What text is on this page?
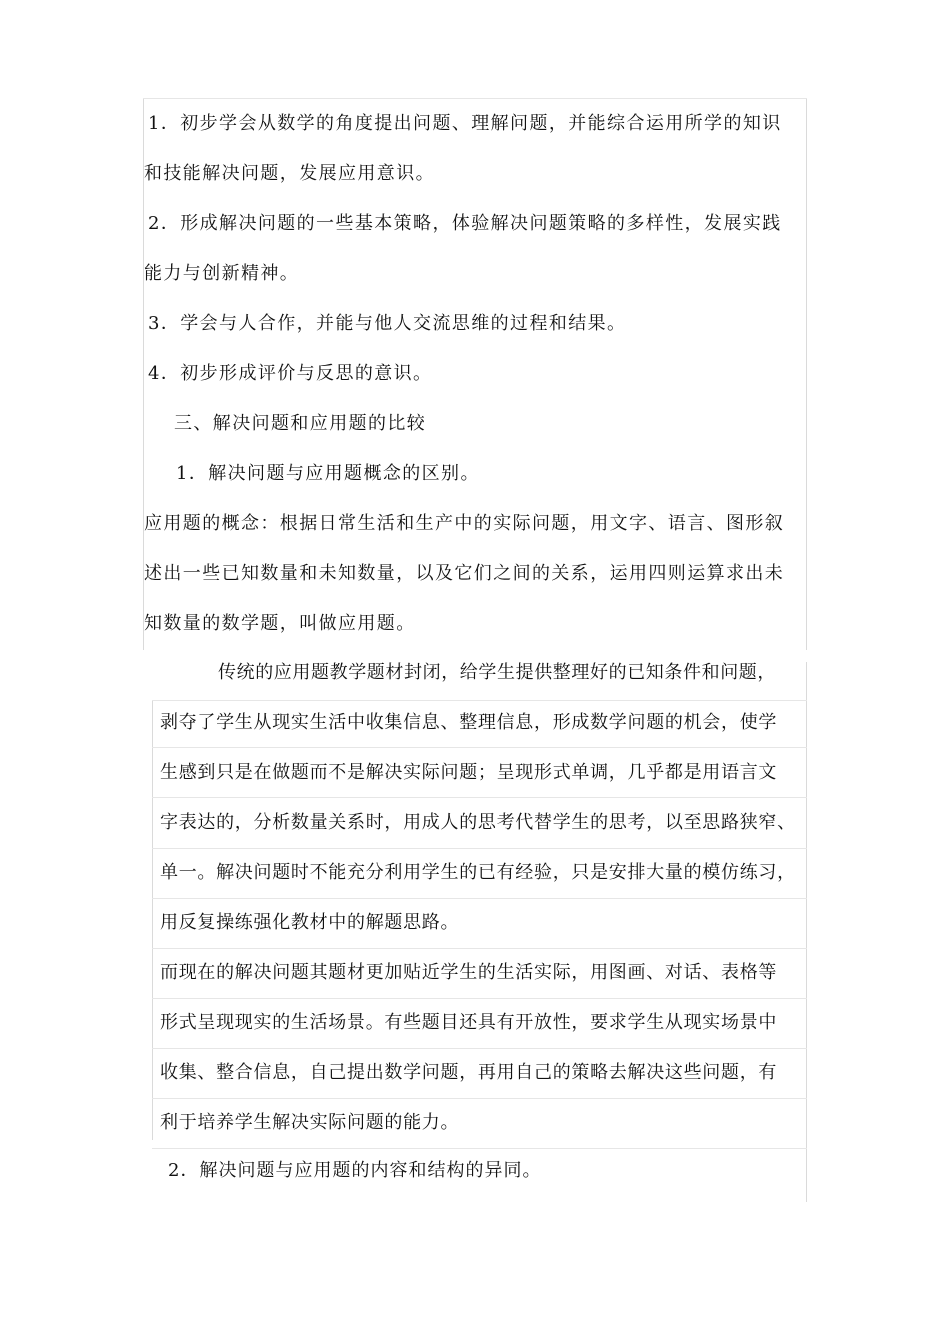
1．初步学会从数学的角度提出问题、理解问题，并能综合运用所学的知识

和技能解决问题，发展应用意识。

2．形成解决问题的一些基本策略，体验解决问题策略的多样性，发展实践

能力与创新精神。

3．学会与人合作，并能与他人交流思维的过程和结果。

4．初步形成评价与反思的意识。

三、解决问题和应用题的比较

1．解决问题与应用题概念的区别。

应用题的概念：根据日常生活和生产中的实际问题，用文字、语言、图形叙

述出一些已知数量和未知数量，以及它们之间的关系，运用四则运算求出未

知数量的数学题，叫做应用题。

传统的应用题教学题材封闭，给学生提供整理好的已知条件和问题，

剥夺了学生从现实生活中收集信息、整理信息，形成数学问题的机会，使学

生感到只是在做题而不是解决实际问题；呈现形式单调，几乎都是用语言文

字表达的，分析数量关系时，用成人的思考代替学生的思考，以至思路狭窄、

单一。解决问题时不能充分利用学生的已有经验，只是安排大量的模仿练习，

用反复操练强化教材中的解题思路。

而现在的解决问题其题材更加贴近学生的生活实际，用图画、对话、表格等

形式呈现现实的生活场景。有些题目还具有开放性，要求学生从现实场景中

收集、整合信息，自己提出数学问题，再用自己的策略去解决这些问题，有

利于培养学生解决实际问题的能力。

2．解决问题与应用题的内容和结构的异同。
